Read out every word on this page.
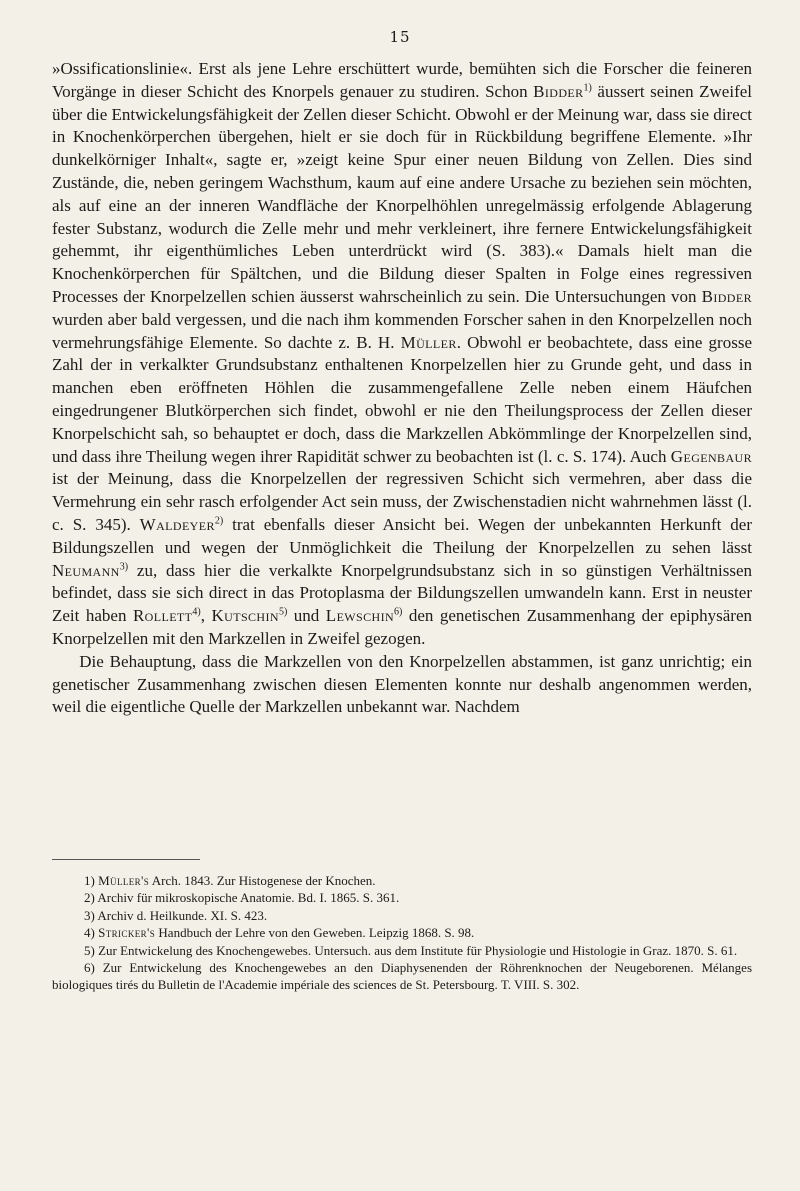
15

»Ossificationslinie«. Erst als jene Lehre erschüttert wurde, bemühten sich die Forscher die feineren Vorgänge in dieser Schicht des Knorpels genauer zu studiren. Schon Bidder$^{1)}$ äussert seinen Zweifel über die Entwickelungsfähigkeit der Zellen dieser Schicht. Obwohl er der Meinung war, dass sie direct in Knochenkörperchen übergehen, hielt er sie doch für in Rückbildung begriffene Elemente. »Ihr dunkelkörniger Inhalt«, sagte er, »zeigt keine Spur einer neuen Bildung von Zellen. Dies sind Zustände, die, neben geringem Wachsthum, kaum auf eine andere Ursache zu beziehen sein möchten, als auf eine an der inneren Wandfläche der Knorpelhöhlen unregelmässig erfolgende Ablagerung fester Substanz, wodurch die Zelle mehr und mehr verkleinert, ihre fernere Entwickelungsfähigkeit gehemmt, ihr eigenthümliches Leben unterdrückt wird (S. 383).« Damals hielt man die Knochenkörperchen für Spältchen, und die Bildung dieser Spalten in Folge eines regressiven Processes der Knorpelzellen schien äusserst wahrscheinlich zu sein. Die Untersuchungen von Bidder wurden aber bald vergessen, und die nach ihm kommenden Forscher sahen in den Knorpelzellen noch vermehrungsfähige Elemente. So dachte z. B. H. Müller. Obwohl er beobachtete, dass eine grosse Zahl der in verkalkter Grundsubstanz enthaltenen Knorpelzellen hier zu Grunde geht, und dass in manchen eben eröffneten Höhlen die zusammengefallene Zelle neben einem Häufchen eingedrungener Blutkörperchen sich findet, obwohl er nie den Theilungsprocess der Zellen dieser Knorpelschicht sah, so behauptet er doch, dass die Markzellen Abkömmlinge der Knorpelzellen sind, und dass ihre Theilung wegen ihrer Rapidität schwer zu beobachten ist (l. c. S. 174). Auch Gegenbaur ist der Meinung, dass die Knorpelzellen der regressiven Schicht sich vermehren, aber dass die Vermehrung ein sehr rasch erfolgender Act sein muss, der Zwischenstadien nicht wahrnehmen lässt (l. c. S. 345). Waldeyer$^{2)}$ trat ebenfalls dieser Ansicht bei. Wegen der unbekannten Herkunft der Bildungszellen und wegen der Unmöglichkeit die Theilung der Knorpelzellen zu sehen lässt Neumann$^{3)}$ zu, dass hier die verkalkte Knorpelgrundsubstanz sich in so günstigen Verhältnissen befindet, dass sie sich direct in das Protoplasma der Bildungszellen umwandeln kann. Erst in neuster Zeit haben Rollett$^{4)}$, Kutschin$^{5)}$ und Lewschin$^{6)}$ den genetischen Zusammenhang der epiphysären Knorpelzellen mit den Markzellen in Zweifel gezogen.

Die Behauptung, dass die Markzellen von den Knorpelzellen abstammen, ist ganz unrichtig; ein genetischer Zusammenhang zwischen diesen Elementen konnte nur deshalb angenommen werden, weil die eigentliche Quelle der Markzellen unbekannt war. Nachdem

1) Müller's Arch. 1843. Zur Histogenese der Knochen.

2) Archiv für mikroskopische Anatomie. Bd. I. 1865. S. 361.

3) Archiv d. Heilkunde. XI. S. 423.

4) Stricker's Handbuch der Lehre von den Geweben. Leipzig 1868. S. 98.

5) Zur Entwickelung des Knochengewebes. Untersuch. aus dem Institute für Physiologie und Histologie in Graz. 1870. S. 61.

6) Zur Entwickelung des Knochengewebes an den Diaphysenenden der Röhrenknochen der Neugeborenen. Mélanges biologiques tirés du Bulletin de l'Academie impériale des sciences de St. Petersbourg. T. VIII. S. 302.
